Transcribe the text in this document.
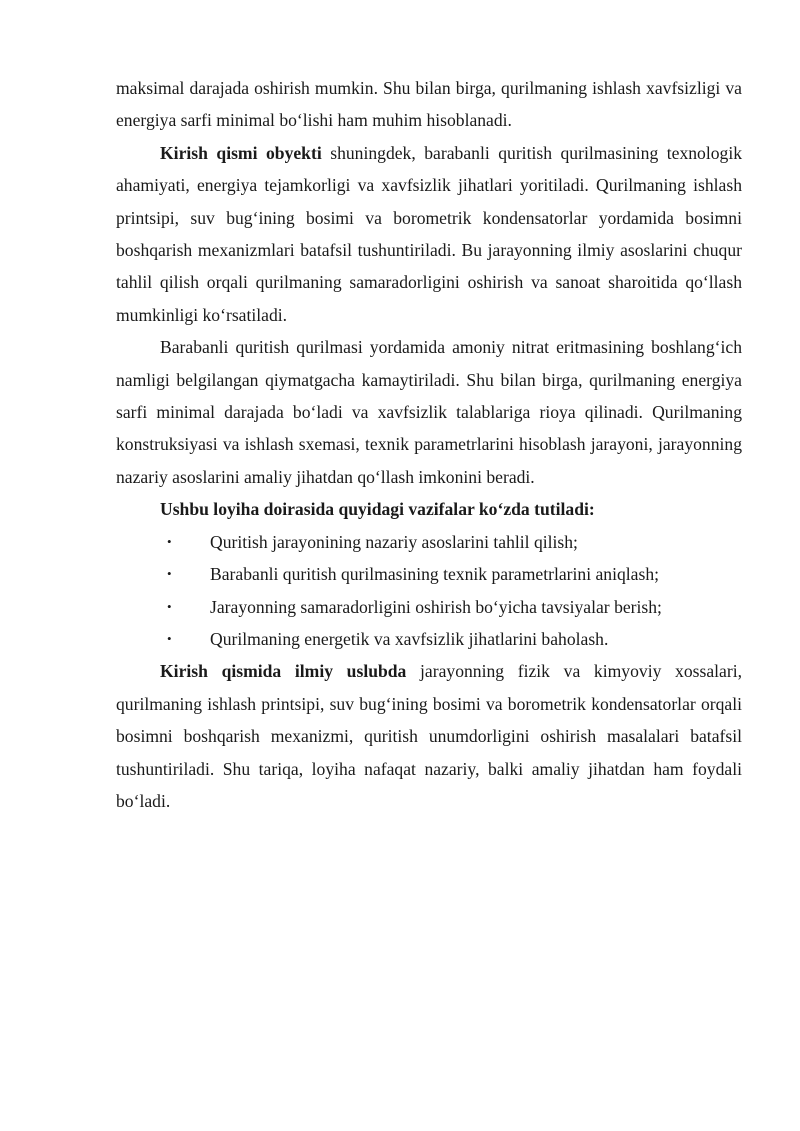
maksimal darajada oshirish mumkin. Shu bilan birga, qurilmaning ishlash xavfsizligi va energiya sarfi minimal bo‘lishi ham muhim hisoblanadi.

Kirish qismi obyekti shuningdek, barabanli quritish qurilmasining texnologik ahamiyati, energiya tejamkorligi va xavfsizlik jihatlari yoritiladi. Qurilmaning ishlash printsipi, suv bug‘ining bosimi va borometrik kondensatorlar yordamida bosimni boshqarish mexanizmlari batafsil tushuntiriladi. Bu jarayonning ilmiy asoslarini chuqur tahlil qilish orqali qurilmaning samaradorligini oshirish va sanoat sharoitida qo‘llash mumkinligi ko‘rsatiladi.

Barabanli quritish qurilmasi yordamida amoniy nitrat eritmasining boshlang‘ich namligi belgilangan qiymatgacha kamaytiriladi. Shu bilan birga, qurilmaning energiya sarfi minimal darajada bo‘ladi va xavfsizlik talablariga rioya qilinadi. Qurilmaning konstruksiyasi va ishlash sxemasi, texnik parametrlarini hisoblash jarayoni, jarayonning nazariy asoslarini amaliy jihatdan qo‘llash imkonini beradi.

Ushbu loyiha doirasida quyidagi vazifalar ko‘zda tutiladi:

• Quritish jarayonining nazariy asoslarini tahlil qilish;
• Barabanli quritish qurilmasining texnik parametrlarini aniqlash;
• Jarayonning samaradorligini oshirish bo‘yicha tavsiyalar berish;
• Qurilmaning energetik va xavfsizlik jihatlarini baholash.

Kirish qismida ilmiy uslubda jarayonning fizik va kimyoviy xossalari, qurilmaning ishlash printsipi, suv bug‘ining bosimi va borometrik kondensatorlar orqali bosimni boshqarish mexanizmi, quritish unumdorligini oshirish masalalari batafsil tushuntiriladi. Shu tariqa, loyiha nafaqat nazariy, balki amaliy jihatdan ham foydali bo‘ladi.
